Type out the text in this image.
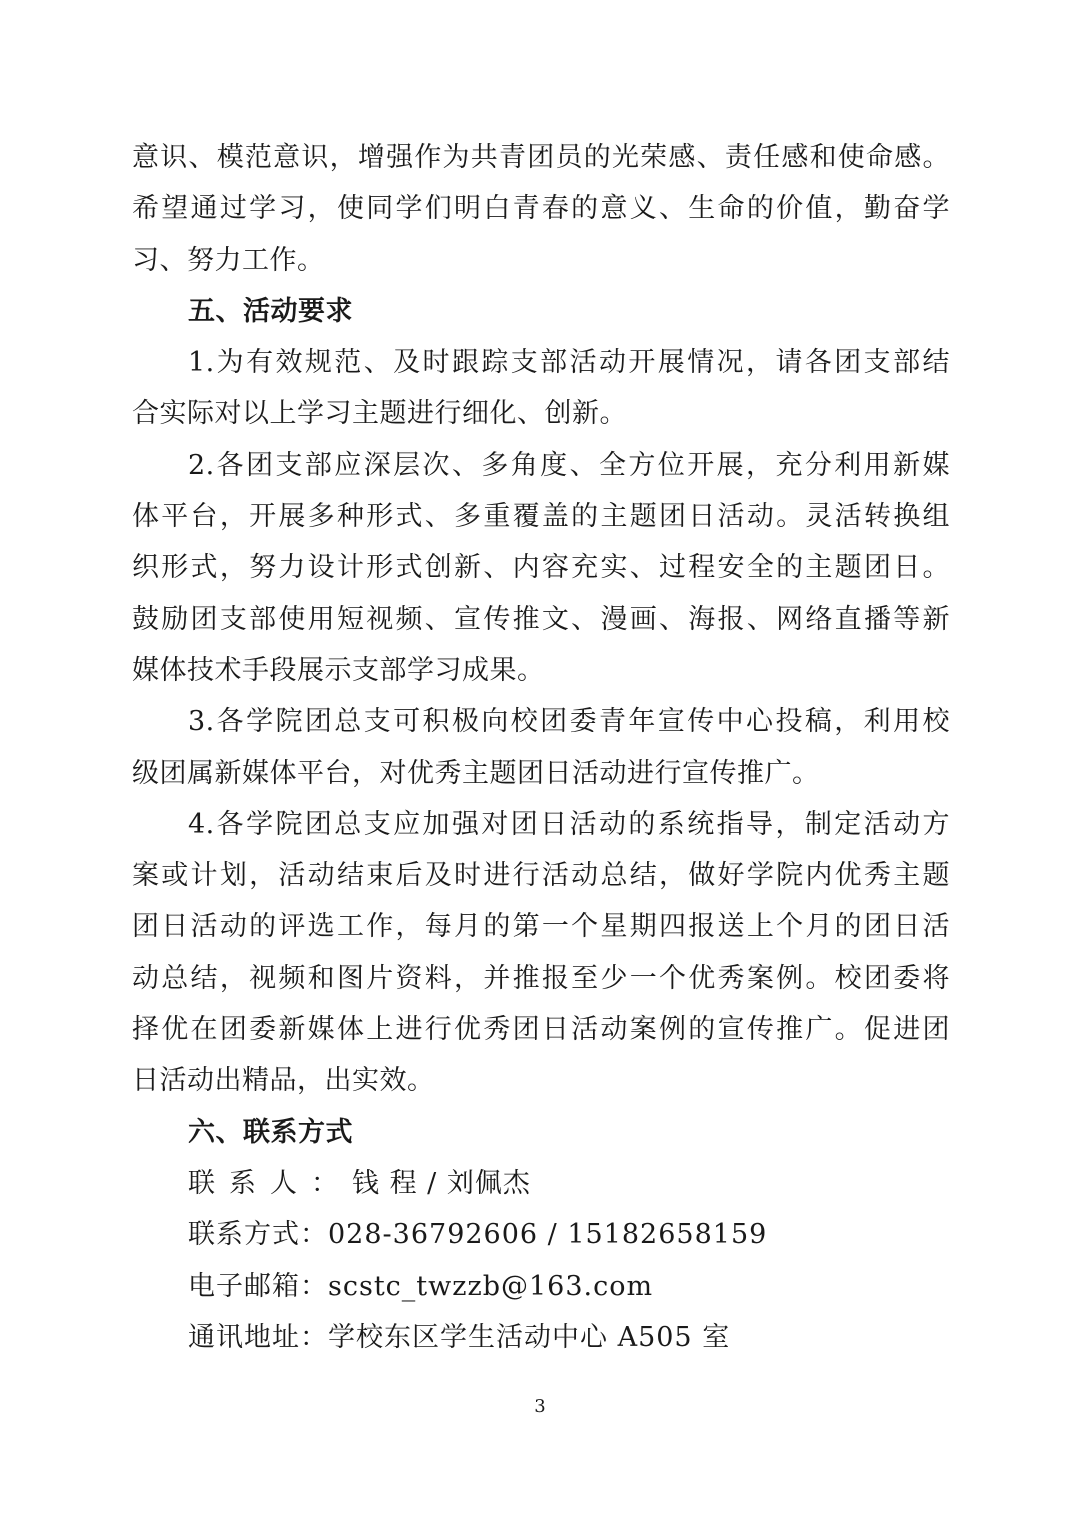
意识、模范意识，增强作为共青团员的光荣感、责任感和使命感。
希望通过学习，使同学们明白青春的意义、生命的价值，勤奋学
习、努力工作。
五、活动要求
1.为有效规范、及时跟踪支部活动开展情况，请各团支部结
合实际对以上学习主题进行细化、创新。
2.各团支部应深层次、多角度、全方位开展，充分利用新媒
体平台，开展多种形式、多重覆盖的主题团日活动。灵活转换组
织形式，努力设计形式创新、内容充实、过程安全的主题团日。
鼓励团支部使用短视频、宣传推文、漫画、海报、网络直播等新
媒体技术手段展示支部学习成果。
3.各学院团总支可积极向校团委青年宣传中心投稿，利用校
级团属新媒体平台，对优秀主题团日活动进行宣传推广。
4.各学院团总支应加强对团日活动的系统指导，制定活动方
案或计划，活动结束后及时进行活动总结，做好学院内优秀主题
团日活动的评选工作，每月的第一个星期四报送上个月的团日活
动总结，视频和图片资料，并推报至少一个优秀案例。校团委将
择优在团委新媒体上进行优秀团日活动案例的宣传推广。促进团
日活动出精品，出实效。
六、联系方式
联系人：钱 程 / 刘佩杰
联系方式：028-36792606 / 15182658159
电子邮箱：scstc_twzzb@163.com
通讯地址：学校东区学生活动中心 A505 室
3
